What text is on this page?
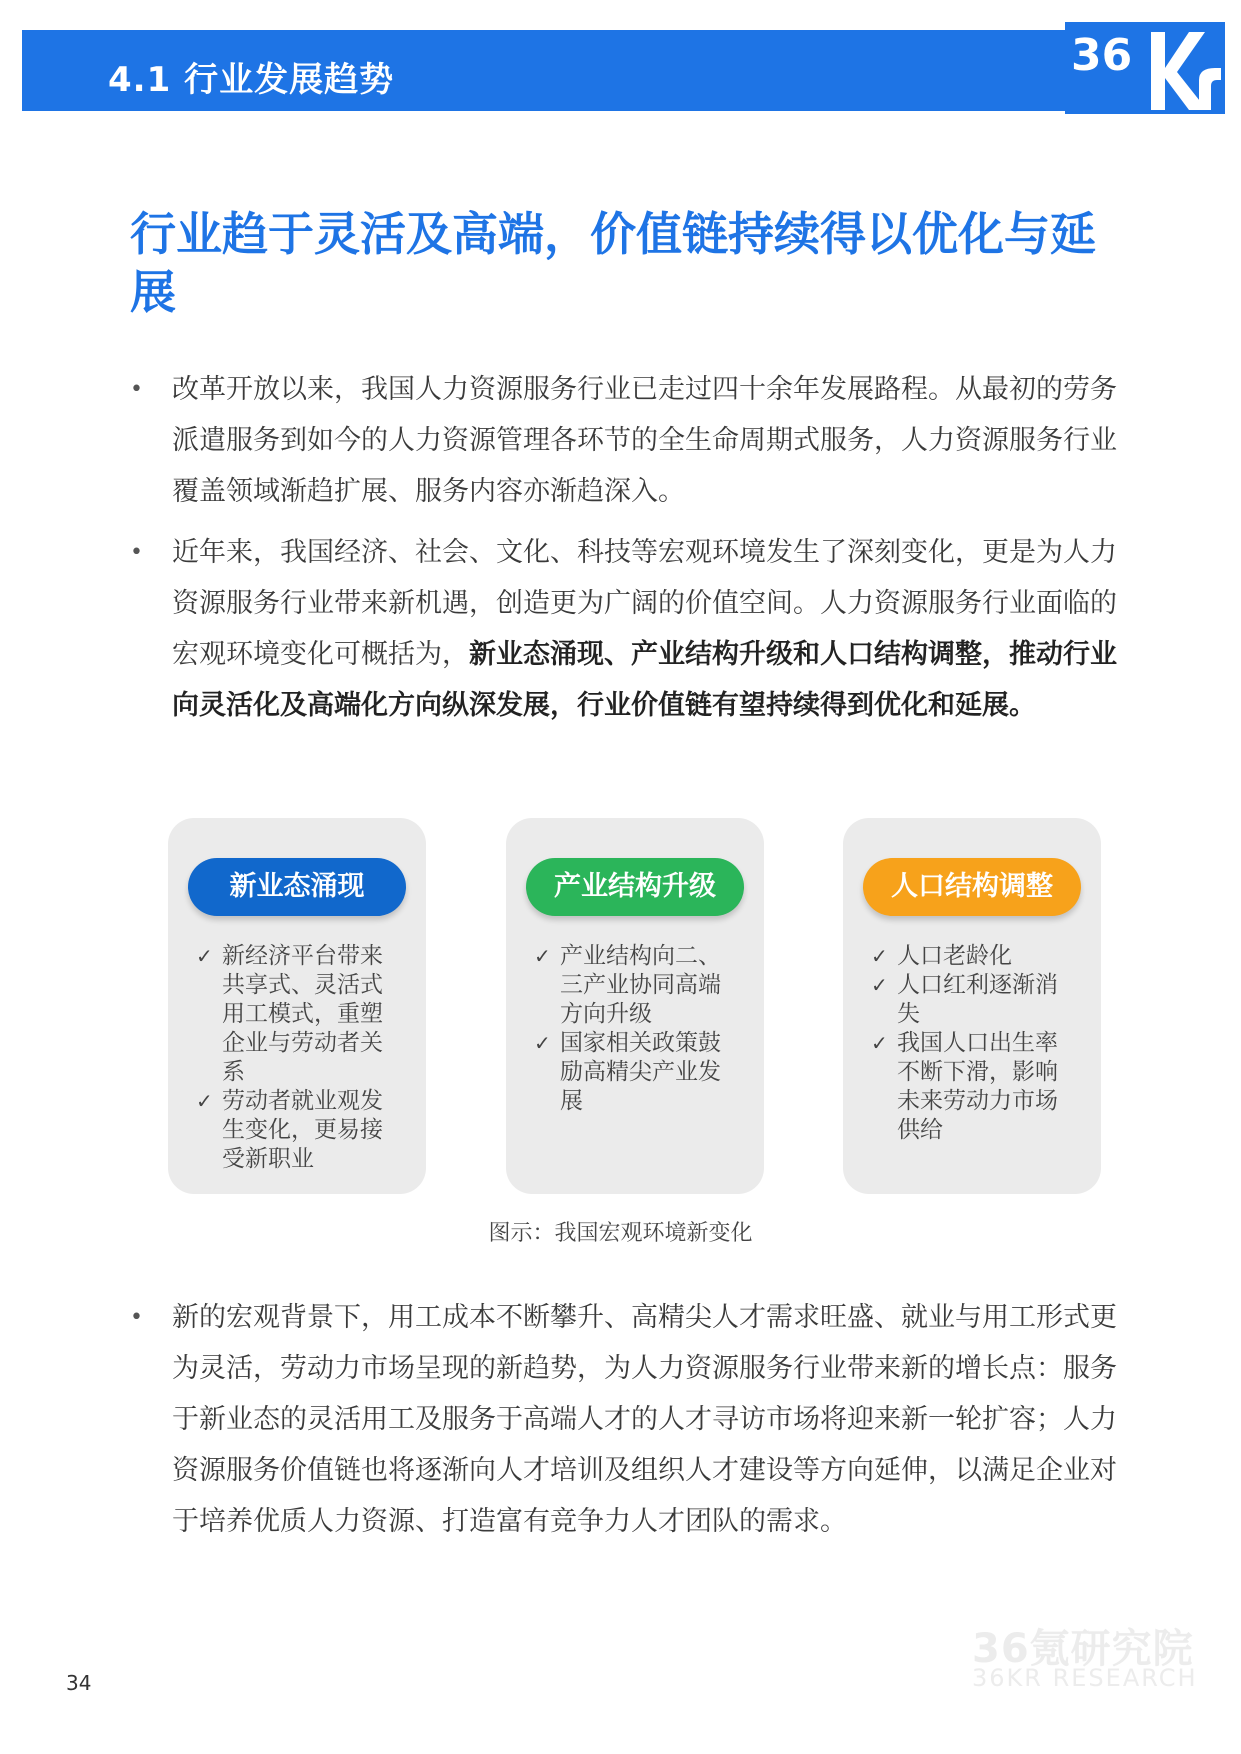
4.1 行业发展趋势	36
行业趋于灵活及高端，价值链持续得以优化与延展
• 改革开放以来，我国人力资源服务行业已走过四十余年发展路程。从最初的劳务派遣服务到如今的人力资源管理各环节的全生命周期式服务，人力资源服务行业覆盖领域渐趋扩展、服务内容亦渐趋深入。
• 近年来，我国经济、社会、文化、科技等宏观环境发生了深刻变化，更是为人力资源服务行业带来新机遇，创造更为广阔的价值空间。人力资源服务行业面临的宏观环境变化可概括为，新业态涌现、产业结构升级和人口结构调整，推动行业向灵活化及高端化方向纵深发展，行业价值链有望持续得到优化和延展。
新业态涌现
✓ 新经济平台带来共享式、灵活式用工模式，重塑企业与劳动者关系
✓ 劳动者就业观发生变化，更易接受新职业
产业结构升级
✓ 产业结构向二、三产业协同高端方向升级
✓ 国家相关政策鼓励高精尖产业发展
人口结构调整
✓ 人口老龄化
✓ 人口红利逐渐消失
✓ 我国人口出生率不断下滑，影响未来劳动力市场供给
图示：我国宏观环境新变化
• 新的宏观背景下，用工成本不断攀升、高精尖人才需求旺盛、就业与用工形式更为灵活，劳动力市场呈现的新趋势，为人力资源服务行业带来新的增长点：服务于新业态的灵活用工及服务于高端人才的人才寻访市场将迎来新一轮扩容；人力资源服务价值链也将逐渐向人才培训及组织人才建设等方向延伸，以满足企业对于培养优质人力资源、打造富有竞争力人才团队的需求。
36氪研究院
36KR RESEARCH
34
